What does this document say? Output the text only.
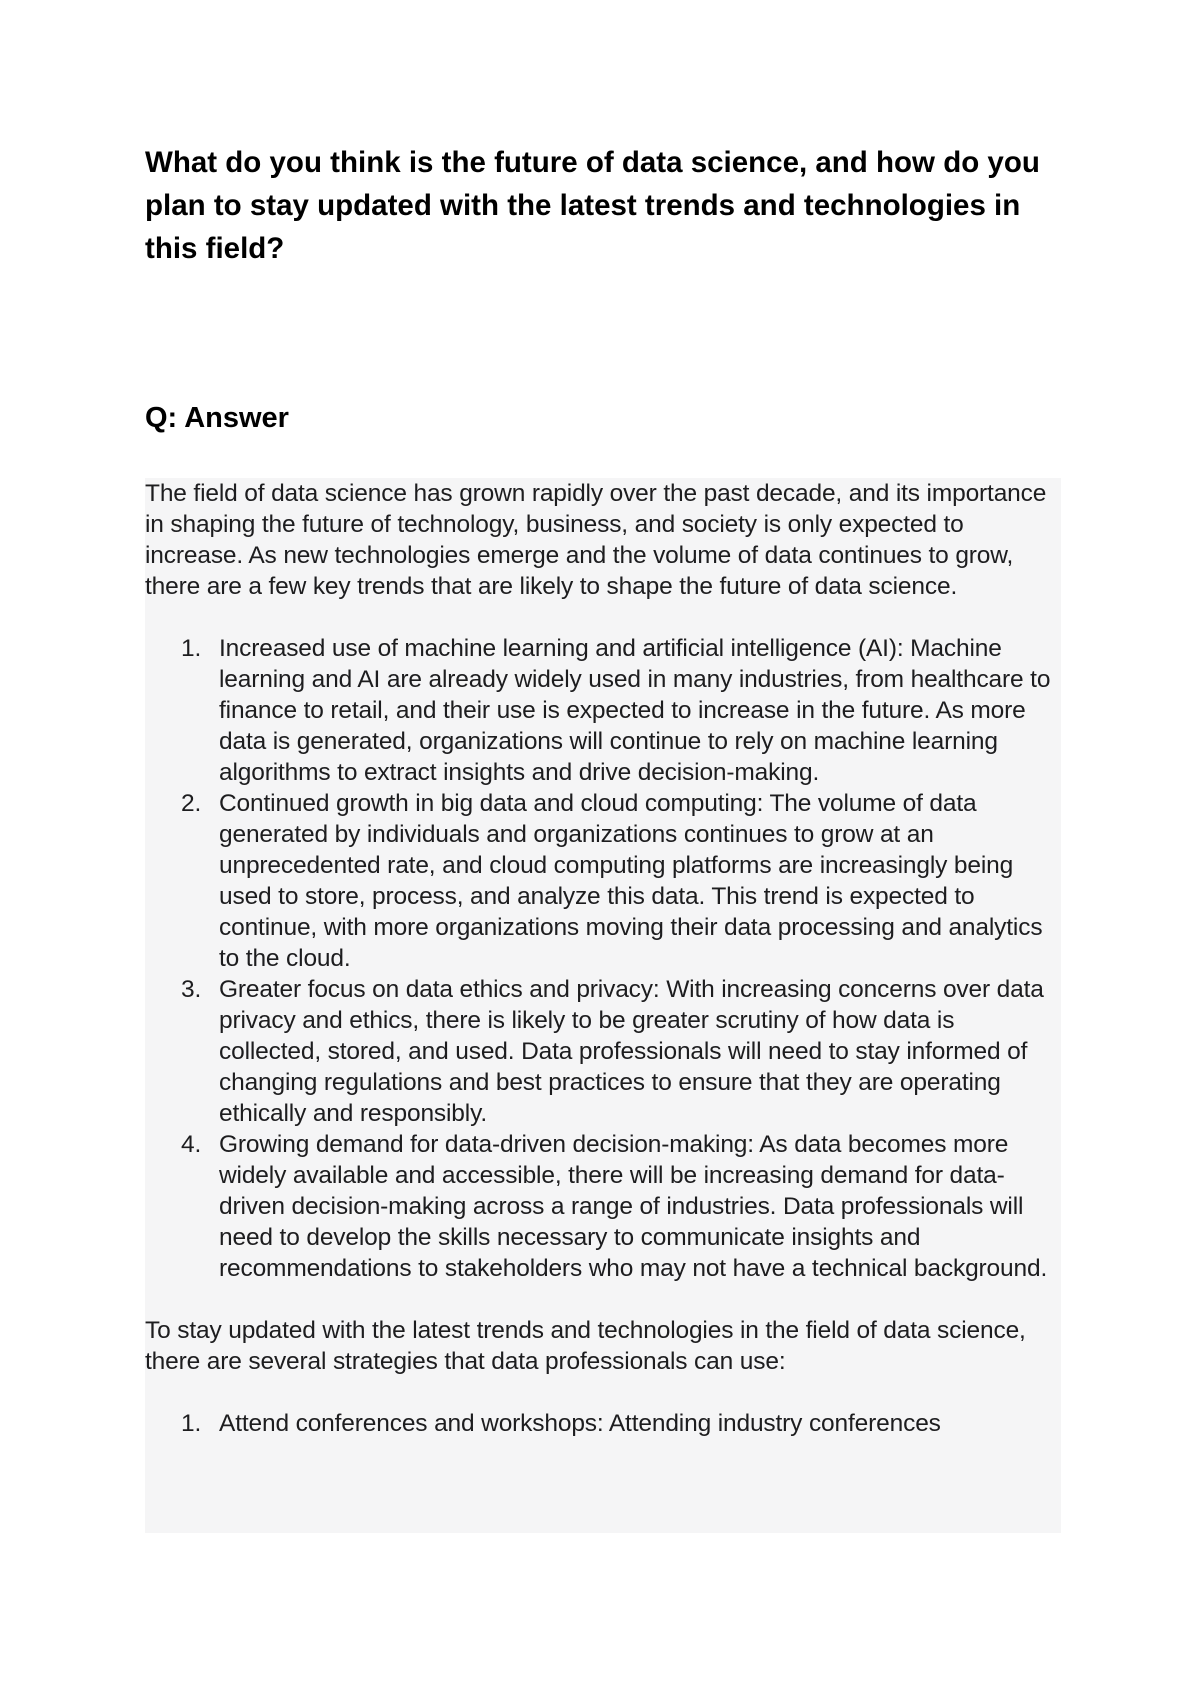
What do you think is the future of data science, and how do you plan to stay updated with the latest trends and technologies in this field?
Q: Answer

The field of data science has grown rapidly over the past decade, and its importance in shaping the future of technology, business, and society is only expected to increase. As new technologies emerge and the volume of data continues to grow, there are a few key trends that are likely to shape the future of data science.

1. Increased use of machine learning and artificial intelligence (AI): Machine learning and AI are already widely used in many industries, from healthcare to finance to retail, and their use is expected to increase in the future. As more data is generated, organizations will continue to rely on machine learning algorithms to extract insights and drive decision-making.
2. Continued growth in big data and cloud computing: The volume of data generated by individuals and organizations continues to grow at an unprecedented rate, and cloud computing platforms are increasingly being used to store, process, and analyze this data. This trend is expected to continue, with more organizations moving their data processing and analytics to the cloud.
3. Greater focus on data ethics and privacy: With increasing concerns over data privacy and ethics, there is likely to be greater scrutiny of how data is collected, stored, and used. Data professionals will need to stay informed of changing regulations and best practices to ensure that they are operating ethically and responsibly.
4. Growing demand for data-driven decision-making: As data becomes more widely available and accessible, there will be increasing demand for data-driven decision-making across a range of industries. Data professionals will need to develop the skills necessary to communicate insights and recommendations to stakeholders who may not have a technical background.

To stay updated with the latest trends and technologies in the field of data science, there are several strategies that data professionals can use:

1. Attend conferences and workshops: Attending industry conferences
